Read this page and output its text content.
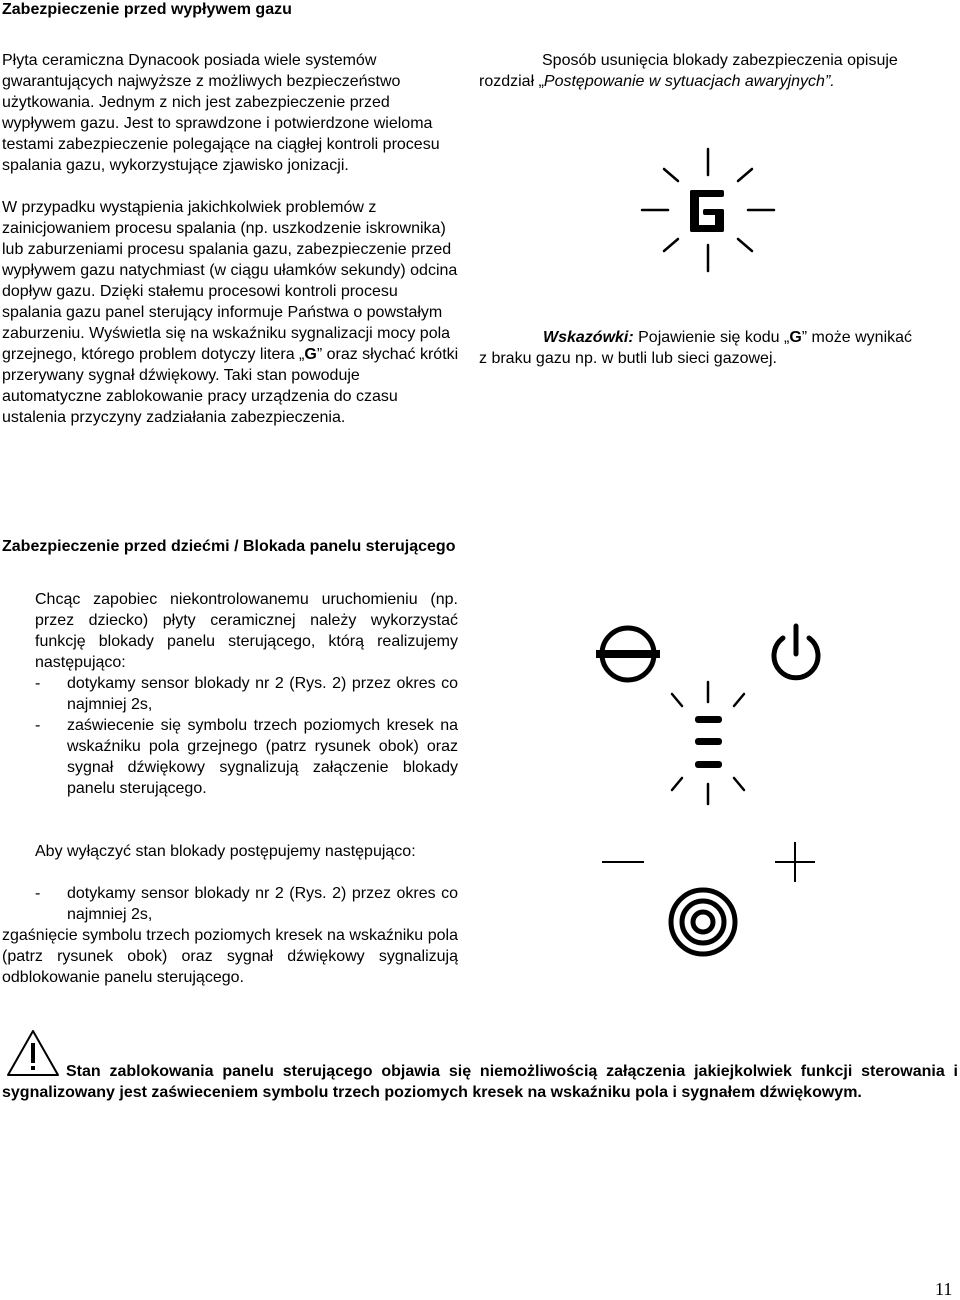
Zabezpieczenie przed wypływem gazu
Płyta ceramiczna Dynacook posiada wiele systemów gwarantujących najwyższe z możliwych bezpieczeństwo użytkowania. Jednym z nich jest zabezpieczenie przed wypływem gazu. Jest to sprawdzone i potwierdzone wieloma testami zabezpieczenie polegające na ciągłej kontroli procesu spalania gazu, wykorzystujące zjawisko jonizacji.
W przypadku wystąpienia jakichkolwiek problemów z zainicjowaniem procesu spalania (np. uszkodzenie iskrownika) lub zaburzeniami procesu spalania gazu, zabezpieczenie przed wypływem gazu natychmiast (w ciągu ułamków sekundy) odcina dopływ gazu. Dzięki stałemu procesowi kontroli procesu spalania gazu panel sterujący informuje Państwa o powstałym zaburzeniu. Wyświetla się na wskaźniku sygnalizacji mocy pola grzejnego, którego problem dotyczy litera „G” oraz słychać krótki przerywany sygnał dźwiękowy. Taki stan powoduje automatyczne zablokowanie pracy urządzenia do czasu ustalenia przyczyny zadziałania zabezpieczenia.
Sposób usunięcia blokady zabezpieczenia opisuje rozdział „Postępowanie w sytuacjach awaryjnych”.
Wskazówki: Pojawienie się kodu „G” może wynikać z braku gazu np. w butli lub sieci gazowej.
Zabezpieczenie przed dziećmi / Blokada panelu sterującego
Chcąc zapobiec niekontrolowanemu uruchomieniu (np. przez dziecko) płyty ceramicznej należy wykorzystać funkcję blokady panelu sterującego, którą realizujemy następująco:
- dotykamy sensor blokady nr 2 (Rys. 2) przez okres co najmniej 2s,
- zaświecenie się symbolu trzech poziomych kresek na wskaźniku pola grzejnego (patrz rysunek obok) oraz sygnał dźwiękowy sygnalizują załączenie blokady panelu sterującego.
Aby wyłączyć stan blokady postępujemy następująco:
- dotykamy sensor blokady nr 2 (Rys. 2) przez okres co najmniej 2s,
zgaśnięcie symbolu trzech poziomych kresek na wskaźniku pola (patrz rysunek obok) oraz sygnał dźwiękowy sygnalizują odblokowanie panelu sterującego.
Stan zablokowania panelu sterującego objawia się niemożliwością załączenia jakiejkolwiek funkcji sterowania i sygnalizowany jest zaświeceniem symbolu trzech poziomych kresek na wskaźniku pola i sygnałem dźwiękowym.
11
